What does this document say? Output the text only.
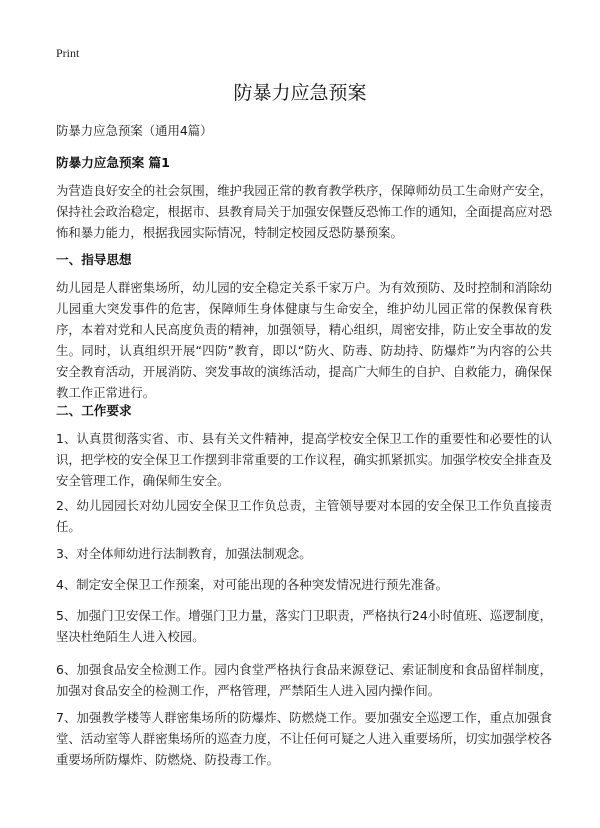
Print
防暴力应急预案

防暴力应急预案（通用4篇）

防暴力应急预案 篇1

为营造良好安全的社会氛围，维护我园正常的教育教学秩序，保障师幼员工生命财产安全，保持社会政治稳定，根据市、县教育局关于加强安保暨反恐怖工作的通知，全面提高应对恐怖和暴力能力，根据我园实际情况，特制定校园反恐防暴预案。

一、指导思想

幼儿园是人群密集场所，幼儿园的安全稳定关系千家万户。为有效预防、及时控制和消除幼儿园重大突发事件的危害，保障师生身体健康与生命安全，维护幼儿园正常的保教保育秩序，本着对党和人民高度负责的精神，加强领导，精心组织，周密安排，防止安全事故的发生。同时，认真组织开展“四防”教育，即以“防火、防毒、防劫持、防爆炸”为内容的公共安全教育活动，开展消防、突发事故的演练活动，提高广大师生的自护、自救能力，确保保教工作正常进行。

二、工作要求

1、认真贯彻落实省、市、县有关文件精神，提高学校安全保卫工作的重要性和必要性的认识，把学校的安全保卫工作摆到非常重要的工作议程，确实抓紧抓实。加强学校安全排查及安全管理工作，确保师生安全。

2、幼儿园园长对幼儿园安全保卫工作负总责，主管领导要对本园的安全保卫工作负直接责任。

3、对全体师幼进行法制教育，加强法制观念。

4、制定安全保卫工作预案，对可能出现的各种突发情况进行预先准备。

5、加强门卫安保工作。增强门卫力量，落实门卫职责，严格执行24小时值班、巡逻制度，坚决杜绝陌生人进入校园。

6、加强食品安全检测工作。园内食堂严格执行食品来源登记、索证制度和食品留样制度，加强对食品安全的检测工作，严格管理，严禁陌生人进入园内操作间。

7、加强教学楼等人群密集场所的防爆炸、防燃烧工作。要加强安全巡逻工作，重点加强食堂、活动室等人群密集场所的巡查力度，不让任何可疑之人进入重要场所，切实加强学校各重要场所防爆炸、防燃烧、防投毒工作。
